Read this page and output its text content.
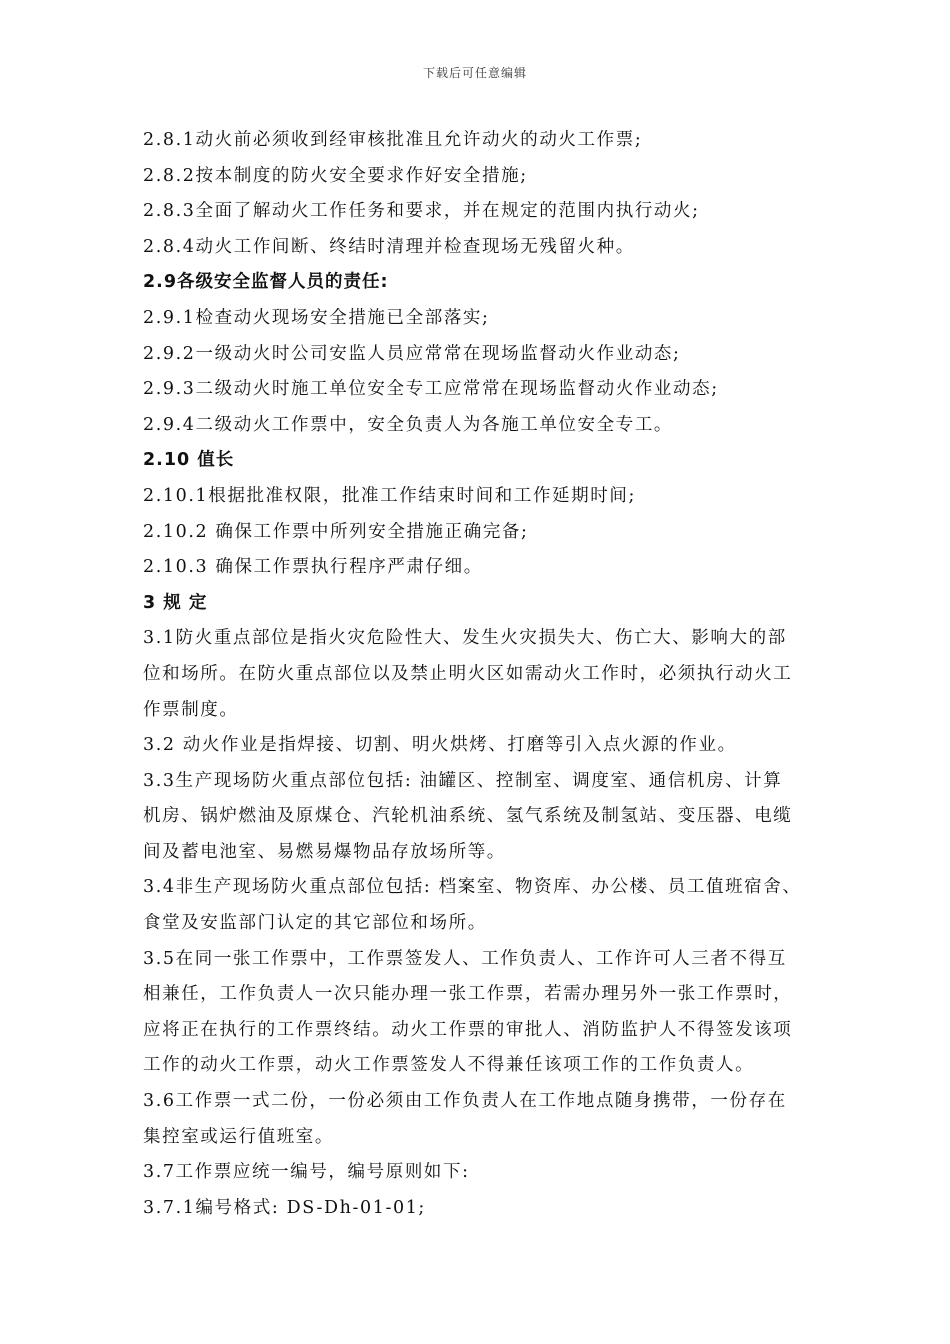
下载后可任意编辑
2.8.1动火前必须收到经审核批准且允许动火的动火工作票;
2.8.2按本制度的防火安全要求作好安全措施;
2.8.3全面了解动火工作任务和要求，并在规定的范围内执行动火;
2.8.4动火工作间断、终结时清理并检查现场无残留火种。
2.9各级安全监督人员的责任:
2.9.1检查动火现场安全措施已全部落实;
2.9.2一级动火时公司安监人员应常常在现场监督动火作业动态;
2.9.3二级动火时施工单位安全专工应常常在现场监督动火作业动态;
2.9.4二级动火工作票中，安全负责人为各施工单位安全专工。
2.10 值长
2.10.1根据批准权限，批准工作结束时间和工作延期时间;
2.10.2 确保工作票中所列安全措施正确完备;
2.10.3 确保工作票执行程序严肃仔细。
3 规 定
3.1防火重点部位是指火灾危险性大、发生火灾损失大、伤亡大、影响大的部
位和场所。在防火重点部位以及禁止明火区如需动火工作时，必须执行动火工
作票制度。
3.2 动火作业是指焊接、切割、明火烘烤、打磨等引入点火源的作业。
3.3生产现场防火重点部位包括: 油罐区、控制室、调度室、通信机房、计算
机房、锅炉燃油及原煤仓、汽轮机油系统、氢气系统及制氢站、变压器、电缆
间及蓄电池室、易燃易爆物品存放场所等。
3.4非生产现场防火重点部位包括: 档案室、物资库、办公楼、员工值班宿舍、
食堂及安监部门认定的其它部位和场所。
3.5在同一张工作票中，工作票签发人、工作负责人、工作许可人三者不得互
相兼任，工作负责人一次只能办理一张工作票，若需办理另外一张工作票时，
应将正在执行的工作票终结。动火工作票的审批人、消防监护人不得签发该项
工作的动火工作票，动火工作票签发人不得兼任该项工作的工作负责人。
3.6工作票一式二份，一份必须由工作负责人在工作地点随身携带，一份存在
集控室或运行值班室。
3.7工作票应统一编号，编号原则如下:
3.7.1编号格式: DS-Dh-01-01;
